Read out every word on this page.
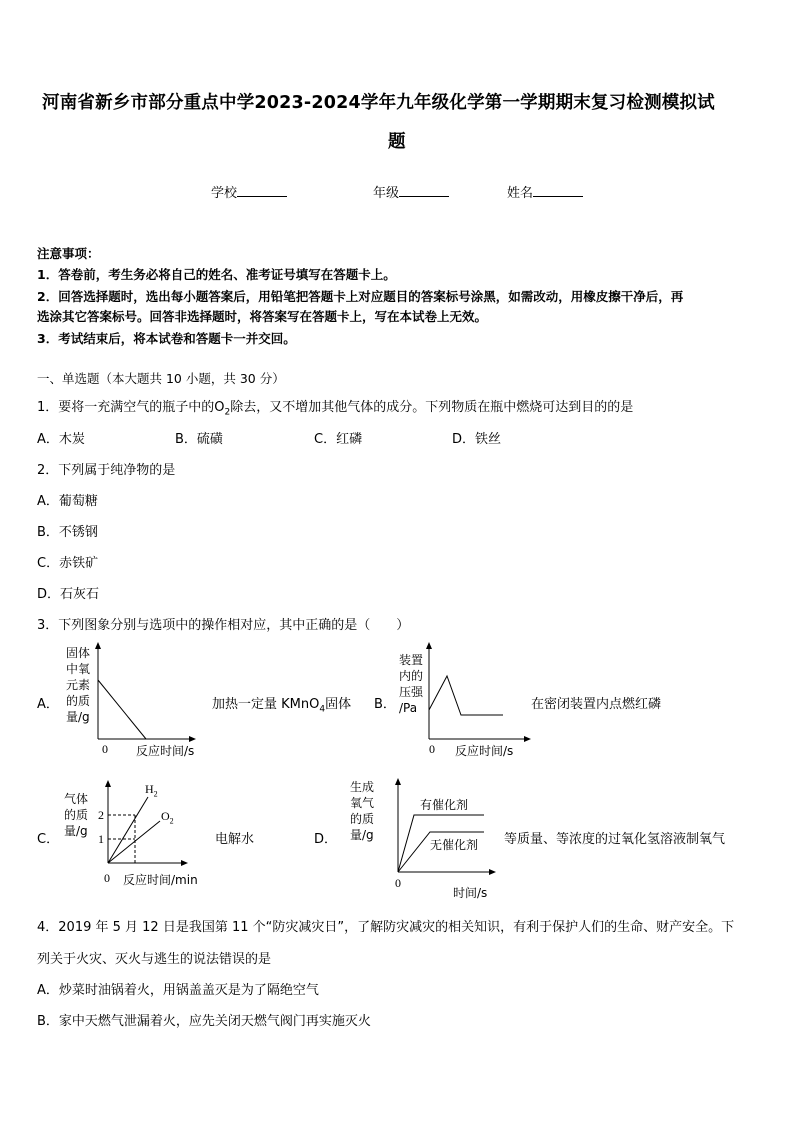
河南省新乡市部分重点中学2023-2024学年九年级化学第一学期期末复习检测模拟试
题
学校	年级	姓名
注意事项：
1．答卷前，考生务必将自己的姓名、准考证号填写在答题卡上。
2．回答选择题时，选出每小题答案后，用铅笔把答题卡上对应题目的答案标号涂黑，如需改动，用橡皮擦干净后，再
选涂其它答案标号。回答非选择题时，将答案写在答题卡上，写在本试卷上无效。
3．考试结束后，将本试卷和答题卡一并交回。
一、单选题（本大题共 10 小题，共 30 分）
1．要将一充满空气的瓶子中的$O_2$除去，又不增加其他气体的成分。下列物质在瓶中燃烧可达到目的的是
A．木炭	B．硫磺	C．红磷	D．铁丝
2．下列属于纯净物的是
A．葡萄糖
B．不锈钢
C．赤铁矿
D．石灰石
3．下列图象分别与选项中的操作相对应，其中正确的是（　　）
A．
固体
中氧
元素
的质
量/g
0 反应时间/s
加热一定量 KMnO$_4$固体 B．
装置
内的
压强
/Pa
0 反应时间/s
在密闭装置内点燃红磷
C．
气体
的质
量/g
2
1
$H_2$
$O_2$
0 反应时间/min
电解水	D．
生成
氧气
的质
量/g
有催化剂
无催化剂
0
时间/s
等质量、等浓度的过氧化氢溶液制氧气
4．2019 年 5 月 12 日是我国第 11 个“防灾减灾日”，了解防灾减灾的相关知识，有利于保护人们的生命、财产安全。下
列关于火灾、灭火与逃生的说法错误的是
A．炒菜时油锅着火，用锅盖盖灭是为了隔绝空气
B．家中天燃气泄漏着火，应先关闭天燃气阀门再实施灭火
